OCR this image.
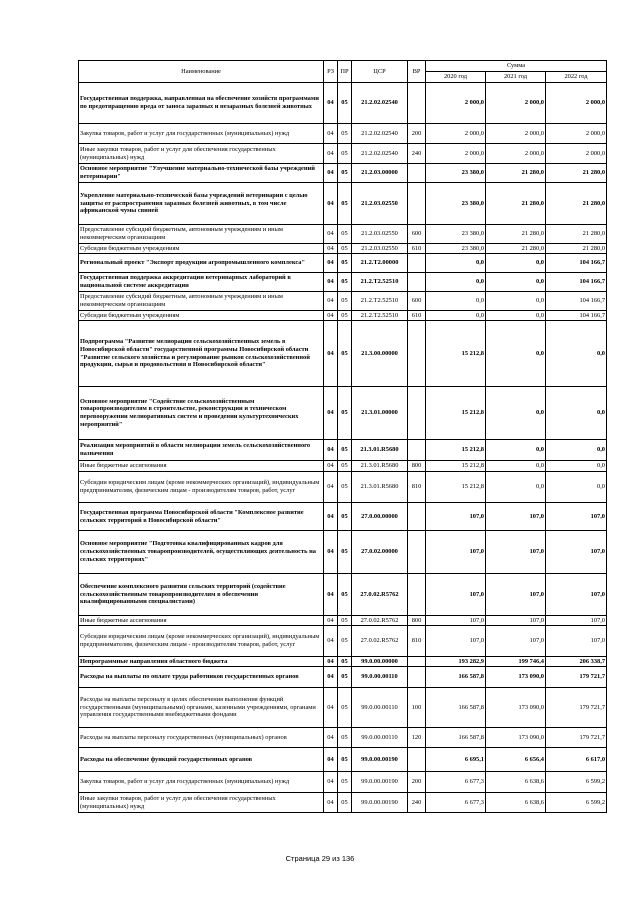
Наименование	РЗ	ПР	ЦСР	ВР	Сумма		
					2020 год	2021 год	2022 год
Государственная поддержка, направленная на обеспечение хозяйств программами по предотвращению вреда от заноса заразных и незаразных болезней животных	04	05	21.2.02.02540		2 000,0	2 000,0	2 000,0
Закупка товаров, работ и услуг для государственных (муниципальных) нужд	04	05	21.2.02.02540	200	2 000,0	2 000,0	2 000,0
Иные закупки товаров, работ и услуг для обеспечения государственных (муниципальных) нужд	04	05	21.2.02.02540	240	2 000,0	2 000,0	2 000,0
Основное мероприятие "Улучшение материально-технической базы учреждений ветеринарии"	04	05	21.2.03.00000		23 380,0	21 280,0	21 280,0
Укрепление материально-технической базы учреждений ветеринарии с целью защиты от распространения заразных болезней животных, в том числе африканской чумы свиней	04	05	21.2.03.02550		23 380,0	21 280,0	21 280,0
Предоставление субсидий бюджетным, автономным учреждениям и иным некоммерческим организациям	04	05	21.2.03.02550	600	23 380,0	21 280,0	21 280,0
Субсидии бюджетным учреждениям	04	05	21.2.03.02550	610	23 380,0	21 280,0	21 280,0
Региональный проект "Экспорт продукции агропромышленного комплекса"	04	05	21.2.T2.00000		0,0	0,0	104 166,7
Государственная поддержка аккредитации ветеринарных лабораторий в национальной системе аккредитации	04	05	21.2.T2.52510		0,0	0,0	104 166,7
Предоставление субсидий бюджетным, автономным учреждениям и иным некоммерческим организациям	04	05	21.2.T2.52510	600	0,0	0,0	104 166,7
Субсидии бюджетным учреждениям	04	05	21.2.T2.52510	610	0,0	0,0	104 166,7
Подпрограмма "Развитие мелиорации сельскохозяйственных земель в Новосибирской области" государственной программы Новосибирской области "Развитие сельского хозяйства и регулирование рынков сельскохозяйственной продукции, сырья и продовольствия в Новосибирской области"	04	05	21.3.00.00000		15 212,8	0,0	0,0
Основное мероприятие "Содействие сельскохозяйственным товаропроизводителям в строительстве, реконструкции и техническом перевооружении мелиоративных систем и проведении культуртехнических мероприятий"	04	05	21.3.01.00000		15 212,8	0,0	0,0
Реализация мероприятий в области мелиорации земель сельскохозяйственного назначения	04	05	21.3.01.R5680		15 212,8	0,0	0,0
Иные бюджетные ассигнования	04	05	21.3.01.R5680	800	15 212,8	0,0	0,0
Субсидии юридическим лицам (кроме некоммерческих организаций), индивидуальным предпринимателям, физическим лицам - производителям товаров, работ, услуг	04	05	21.3.01.R5680	810	15 212,8	0,0	0,0
Государственная программа Новосибирской области "Комплексное развитие сельских территорий в Новосибирской области"	04	05	27.0.00.00000		107,0	107,0	107,0
Основное мероприятие "Подготовка квалифицированных кадров для сельскохозяйственных товаропроизводителей, осуществляющих деятельность на сельских территориях"	04	05	27.0.02.00000		107,0	107,0	107,0
Обеспечение комплексного развития сельских территорий (содействие сельскохозяйственным товаропроизводителям в обеспечении квалифицированными специалистами)	04	05	27.0.02.R5762		107,0	107,0	107,0
Иные бюджетные ассигнования	04	05	27.0.02.R5762	800	107,0	107,0	107,0
Субсидии юридическим лицам (кроме некоммерческих организаций), индивидуальным предпринимателям, физическим лицам - производителям товаров, работ, услуг	04	05	27.0.02.R5762	810	107,0	107,0	107,0
Непрограммные направления областного бюджета	04	05	99.0.00.00000		193 282,9	199 746,4	206 338,7
Расходы на выплаты по оплате труда работников государственных органов	04	05	99.0.00.00110		166 587,8	173 090,0	179 721,7
Расходы на выплаты персоналу в целях обеспечения выполнения функций государственными (муниципальными) органами, казенными учреждениями, органами управления государственными внебюджетными фондами	04	05	99.0.00.00110	100	166 587,8	173 090,0	179 721,7
Расходы на выплаты персоналу государственных (муниципальных) органов	04	05	99.0.00.00110	120	166 587,8	173 090,0	179 721,7
Расходы на обеспечение функций государственных органов	04	05	99.0.00.00190		6 695,1	6 656,4	6 617,0
Закупка товаров, работ и услуг для государственных (муниципальных) нужд	04	05	99.0.00.00190	200	6 677,3	6 638,6	6 599,2
Иные закупки товаров, работ и услуг для обеспечения государственных (муниципальных) нужд	04	05	99.0.00.00190	240	6 677,3	6 638,6	6 599,2
Страница 29 из 136
